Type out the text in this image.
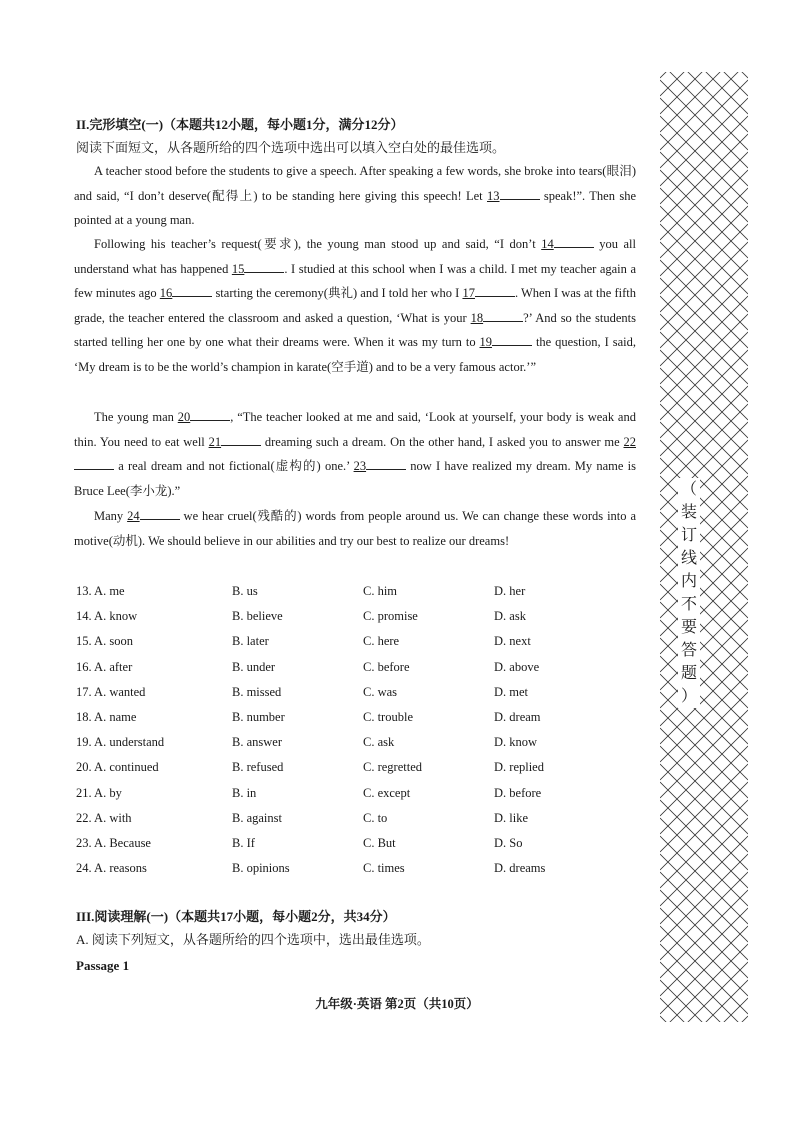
II.完形填空(一)（本题共12小题，每小题1分，满分12分）
阅读下面短文，从各题所给的四个选项中选出可以填入空白处的最佳选项。
A teacher stood before the students to give a speech. After speaking a few words, she broke into tears(眼泪) and said, “I don’t deserve(配得上) to be standing here giving this speech! Let 13	speak!”. Then she pointed at a young man.
Following his teacher’s request(要求), the young man stood up and said, “I don’t 14	you all understand what has happened 15	. I studied at this school when I was a child. I met my teacher again a few minutes ago 16	starting the ceremony(典礼) and I told her who I 17	. When I was at the fifth grade, the teacher entered the classroom and asked a question, ‘What is your 18	?’ And so the students started telling her one by one what their dreams were. When it was my turn to 19	the question, I said, ‘My dream is to be the world’s champion in karate(空手道) and to be a very famous actor.’”
The young man 20	, “The teacher looked at me and said, ‘Look at yourself, your body is weak and thin. You need to eat well 21	dreaming such a dream. On the other hand, I asked you to answer me 22 a real dream and not fictional(虚构的) one.’ 23	now I have realized my dream. My name is Bruce Lee(李小龙).”
Many 24	we hear cruel(残酷的) words from people around us. We can change these words into a motive(动机). We should believe in our abilities and try our best to realize our dreams!
13. A. me	B. us	C. him	D. her
14. A. know	B. believe	C. promise	D. ask
15. A. soon	B. later	C. here	D. next
16. A. after	B. under	C. before	D. above
17. A. wanted	B. missed	C. was	D. met
18. A. name	B. number	C. trouble	D. dream
19. A. understand	B. answer	C. ask	D. know
20. A. continued	B. refused	C. regretted	D. replied
21. A. by	B. in	C. except	D. before
22. A. with	B. against	C. to	D. like
23. A. Because	B. If	C. But	D. So
24. A. reasons	B. opinions	C. times	D. dreams
III.阅读理解(一)（本题共17小题，每小题2分，共34分）
A. 阅读下列短文，从各题所给的四个选项中，选出最佳选项。
Passage 1
九年级·英语 第2页（共10页）
（
装
订
线
内
不
要
答
题
）
